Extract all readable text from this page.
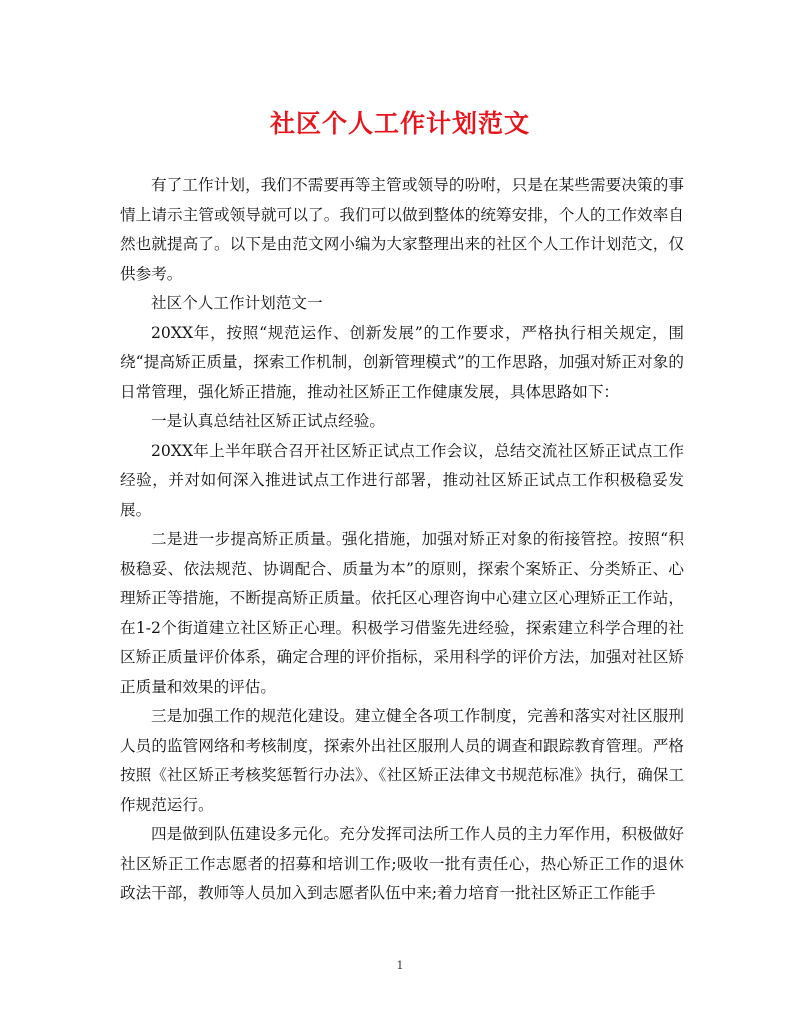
社区个人工作计划范文

有了工作计划，我们不需要再等主管或领导的吩咐，只是在某些需要决策的事情上请示主管或领导就可以了。我们可以做到整体的统筹安排，个人的工作效率自然也就提高了。以下是由范文网小编为大家整理出来的社区个人工作计划范文，仅供参考。

社区个人工作计划范文一

20XX年，按照“规范运作、创新发展”的工作要求，严格执行相关规定，围绕“提高矫正质量，探索工作机制，创新管理模式”的工作思路，加强对矫正对象的日常管理，强化矫正措施，推动社区矫正工作健康发展，具体思路如下：

一是认真总结社区矫正试点经验。

20XX年上半年联合召开社区矫正试点工作会议，总结交流社区矫正试点工作经验，并对如何深入推进试点工作进行部署，推动社区矫正试点工作积极稳妥发展。

二是进一步提高矫正质量。强化措施，加强对矫正对象的衔接管控。按照“积极稳妥、依法规范、协调配合、质量为本”的原则，探索个案矫正、分类矫正、心理矫正等措施，不断提高矫正质量。依托区心理咨询中心建立区心理矫正工作站，在1-2个街道建立社区矫正心理。积极学习借鉴先进经验，探索建立科学合理的社区矫正质量评价体系，确定合理的评价指标，采用科学的评价方法，加强对社区矫正质量和效果的评估。

三是加强工作的规范化建设。建立健全各项工作制度，完善和落实对社区服刑人员的监管网络和考核制度，探索外出社区服刑人员的调查和跟踪教育管理。严格按照《社区矫正考核奖惩暂行办法》、《社区矫正法律文书规范标准》执行，确保工作规范运行。

四是做到队伍建设多元化。充分发挥司法所工作人员的主力军作用，积极做好社区矫正工作志愿者的招募和培训工作;吸收一批有责任心，热心矫正工作的退休政法干部，教师等人员加入到志愿者队伍中来;着力培育一批社区矫正工作能手

1
